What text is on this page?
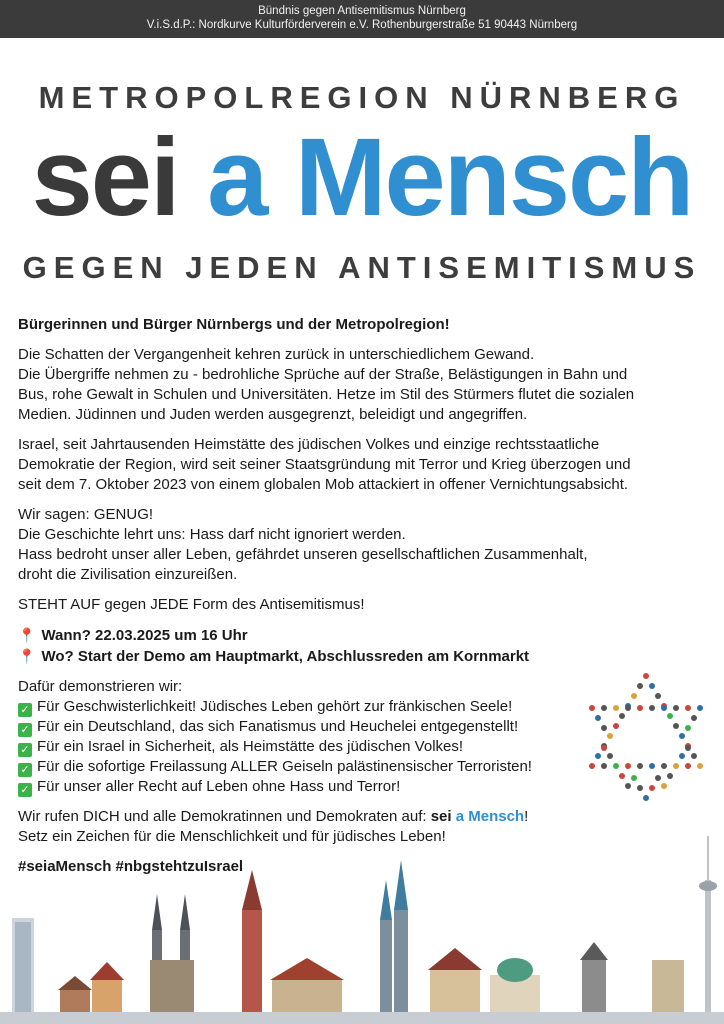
Bündnis gegen Antisemitismus Nürnberg
V.i.S.d.P.: Nordkurve Kulturförderverein e.V. Rothenburgerstraße 51 90443 Nürnberg
METROPOLREGION NÜRNBERG
sei a Mensch
GEGEN JEDEN ANTISEMITISMUS

Bürgerinnen und Bürger Nürnbergs und der Metropolregion!

Die Schatten der Vergangenheit kehren zurück in unterschiedlichem Gewand.

Die Übergriffe nehmen zu - bedrohliche Sprüche auf der Straße, Belästigungen in Bahn und

Bus, rohe Gewalt in Schulen und Universitäten. Hetze im Stil des Stürmers flutet die sozialen

Medien. Jüdinnen und Juden werden ausgegrenzt, beleidigt und angegriffen.

Israel, seit Jahrtausenden Heimstätte des jüdischen Volkes und einzige rechtsstaatliche

Demokratie der Region, wird seit seiner Staatsgründung mit Terror und Krieg überzogen und

seit dem 7. Oktober 2023 von einem globalen Mob attackiert in offener Vernichtungsabsicht.

Wir sagen: GENUG!

Die Geschichte lehrt uns: Hass darf nicht ignoriert werden.

Hass bedroht unser aller Leben, gefährdet unseren gesellschaftlichen Zusammenhalt,

droht die Zivilisation einzureißen.

STEHT AUF gegen JEDE Form des Antisemitismus!

📍 Wann? 22.03.2025 um 16 Uhr

📍 Wo? Start der Demo am Hauptmarkt, Abschlussreden am Kornmarkt

Dafür demonstrieren wir:

✓ Für Geschwisterlichkeit! Jüdisches Leben gehört zur fränkischen Seele!

✓ Für ein Deutschland, das sich Fanatismus und Heuchelei entgegenstellt!

✓ Für ein Israel in Sicherheit, als Heimstätte des jüdischen Volkes!

✓ Für die sofortige Freilassung ALLER Geiseln palästinensischer Terroristen!

✓ Für unser aller Recht auf Leben ohne Hass und Terror!

Wir rufen DICH und alle Demokratinnen und Demokraten auf: sei a Mensch!

Setz ein Zeichen für die Menschlichkeit und für jüdisches Leben!

#seiaMensch #nbgstehtzuIsrael
